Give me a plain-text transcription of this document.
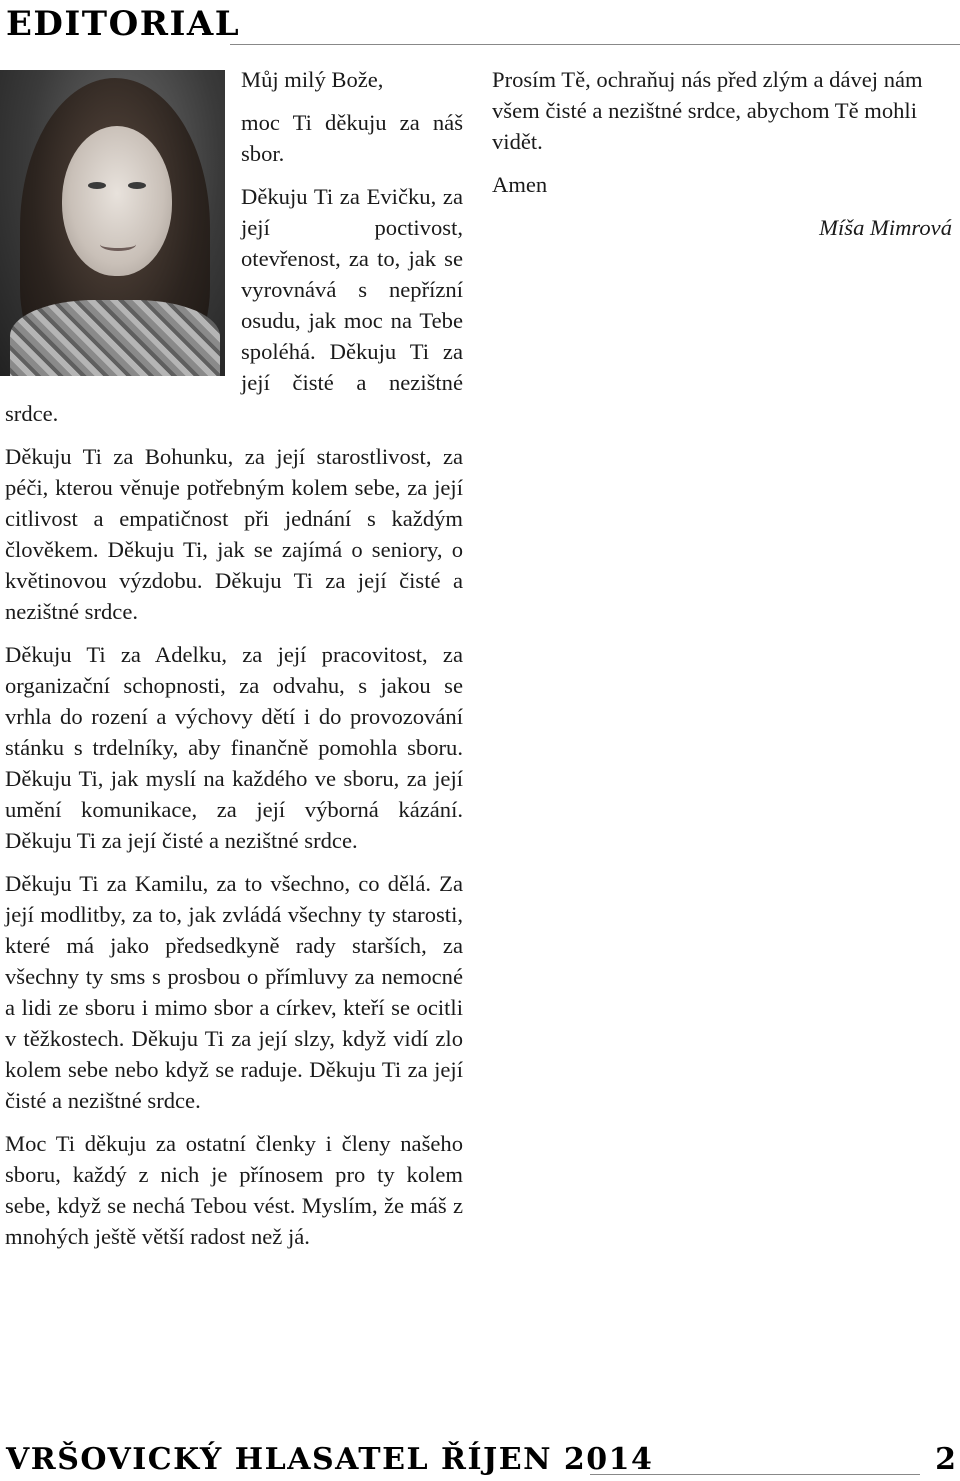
EDITORIAL

Můj milý Bože,

moc Ti děkuju za náš sbor.

Děkuju Ti za Evičku, za její poctivost, otevřenost, za to, jak se vyrovnává s nepřízní osudu, jak moc na Tebe spoléhá. Děkuju Ti za její čisté a nezištné srdce.

Děkuju Ti za Bohunku, za její starostlivost, za péči, kterou věnuje potřebným kolem sebe, za její citlivost a empatičnost při jednání s každým člověkem. Děkuju Ti, jak se zajímá o seniory, o květinovou výzdobu. Děkuju Ti za její čisté a nezištné srdce.

Děkuju Ti za Adelku, za její pracovitost, za organizační schopnosti, za odvahu, s jakou se vrhla do rození a výchovy dětí i do provozování stánku s trdelníky, aby finančně pomohla sboru. Děkuju Ti, jak myslí na každého ve sboru, za její umění komunikace, za její výborná kázání. Děkuju Ti za její čisté a nezištné srdce.

Děkuju Ti za Kamilu, za to všechno, co dělá. Za její modlitby, za to, jak zvládá všechny ty starosti, které má jako předsedkyně rady starších, za všechny ty sms s prosbou o přímluvy za nemocné a lidi ze sboru i mimo sbor a církev, kteří se ocitli v těžkostech. Děkuju Ti za její slzy, když vidí zlo kolem sebe nebo když se raduje. Děkuju Ti za její čisté a nezištné srdce.

Moc Ti děkuju za ostatní členky i členy našeho sboru, každý z nich je přínosem pro ty kolem sebe, když se nechá Tebou vést. Myslím, že máš z mnohých ještě větší radost než já.

Prosím Tě, ochraňuj nás před zlým a dávej nám všem čisté a nezištné srdce, abychom Tě mohli vidět.

Amen

Míša Mimrová
VRŠOVICKÝ HLASATEL ŘÍJEN 2014	2
